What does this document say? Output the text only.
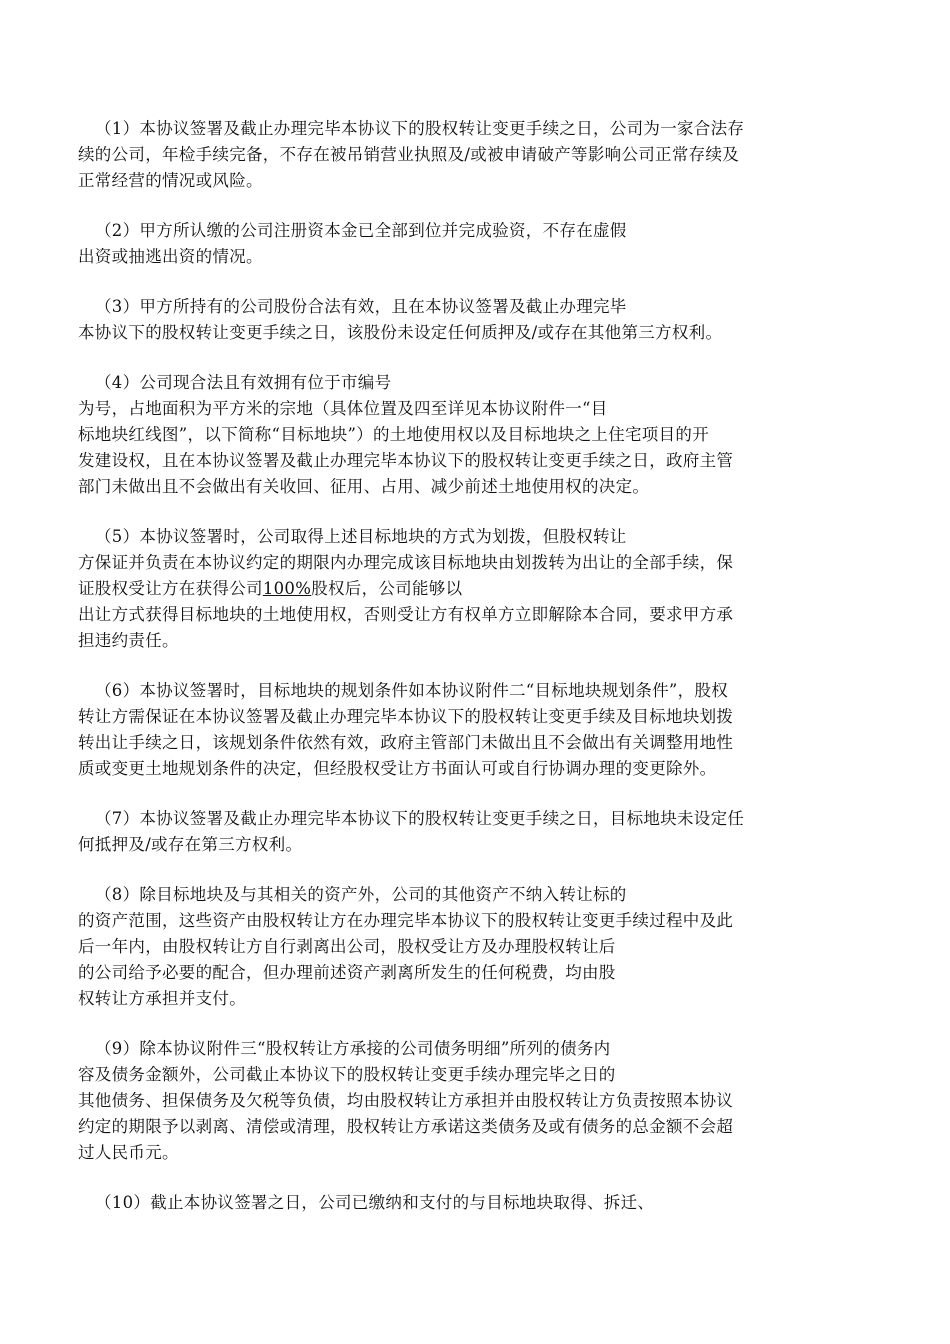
（1）本协议签署及截止办理完毕本协议下的股权转让变更手续之日，公司为一家合法存
续的公司，年检手续完备，不存在被吊销营业执照及/或被申请破产等影响公司正常存续及
正常经营的情况或风险。
（2）甲方所认缴的公司注册资本金已全部到位并完成验资，不存在虚假
出资或抽逃出资的情况。
（3）甲方所持有的公司股份合法有效，且在本协议签署及截止办理完毕
本协议下的股权转让变更手续之日，该股份未设定任何质押及/或存在其他第三方权利。
（4）公司现合法且有效拥有位于市编号
为号，占地面积为平方米的宗地（具体位置及四至详见本协议附件一“目
标地块红线图”，以下简称“目标地块”）的土地使用权以及目标地块之上住宅项目的开
发建设权，且在本协议签署及截止办理完毕本协议下的股权转让变更手续之日，政府主管
部门未做出且不会做出有关收回、征用、占用、减少前述土地使用权的决定。
（5）本协议签署时，公司取得上述目标地块的方式为划拨，但股权转让
方保证并负责在本协议约定的期限内办理完成该目标地块由划拨转为出让的全部手续，保
证股权受让方在获得公司100%股权后，公司能够以
出让方式获得目标地块的土地使用权，否则受让方有权单方立即解除本合同，要求甲方承
担违约责任。
（6）本协议签署时，目标地块的规划条件如本协议附件二“目标地块规划条件”，股权
转让方需保证在本协议签署及截止办理完毕本协议下的股权转让变更手续及目标地块划拨
转出让手续之日，该规划条件依然有效，政府主管部门未做出且不会做出有关调整用地性
质或变更土地规划条件的决定，但经股权受让方书面认可或自行协调办理的变更除外。
（7）本协议签署及截止办理完毕本协议下的股权转让变更手续之日，目标地块未设定任
何抵押及/或存在第三方权利。
（8）除目标地块及与其相关的资产外，公司的其他资产不纳入转让标的
的资产范围，这些资产由股权转让方在办理完毕本协议下的股权转让变更手续过程中及此
后一年内，由股权转让方自行剥离出公司，股权受让方及办理股权转让后
的公司给予必要的配合，但办理前述资产剥离所发生的任何税费，均由股
权转让方承担并支付。
（9）除本协议附件三“股权转让方承接的公司债务明细”所列的债务内
容及债务金额外，公司截止本协议下的股权转让变更手续办理完毕之日的
其他债务、担保债务及欠税等负债，均由股权转让方承担并由股权转让方负责按照本协议
约定的期限予以剥离、清偿或清理，股权转让方承诺这类债务及或有债务的总金额不会超
过人民币元。
（10）截止本协议签署之日，公司已缴纳和支付的与目标地块取得、拆迁、
